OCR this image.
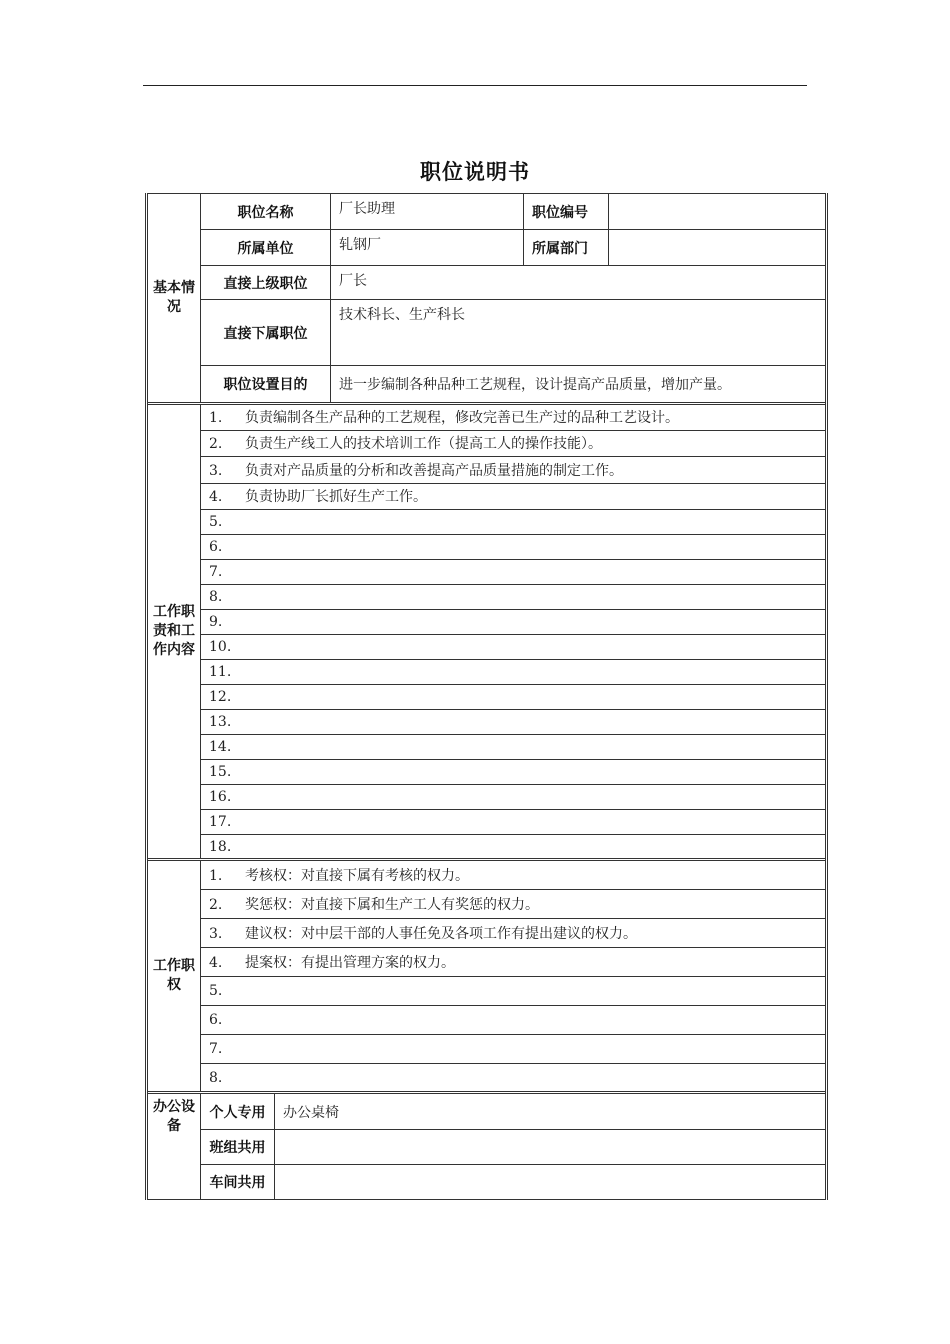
职位说明书
基本情况	职位名称		厂长助理	职位编号	
	所属单位		轧钢厂	所属部门	
	直接上级职位		厂长		
	直接下属职位		技术科长、生产科长		
	职位设置目的		进一步编制各种品种工艺规程，设计提高产品质量，增加产量。		
工作职责和工作内容	1. 负责编制各生产品种的工艺规程，修改完善已生产过的品种工艺设计。				
	2. 负责生产线工人的技术培训工作（提高工人的操作技能）。				
	3. 负责对产品质量的分析和改善提高产品质量措施的制定工作。				
	4. 负责协助厂长抓好生产工作。				
	5.				
	6.				
	7.				
	8.				
	9.				
	10.				
	11.				
	12.				
	13.				
	14.				
	15.				
	16.				
	17.				
	18.				
工作职权	1. 考核权：对直接下属有考核的权力。				
	2. 奖惩权：对直接下属和生产工人有奖惩的权力。				
	3. 建议权：对中层干部的人事任免及各项工作有提出建议的权力。				
	4. 提案权：有提出管理方案的权力。				
	5.				
	6.				
	7.				
	8.				
办公设备	个人专用	办公桌椅			
	班组共用				
	车间共用				
